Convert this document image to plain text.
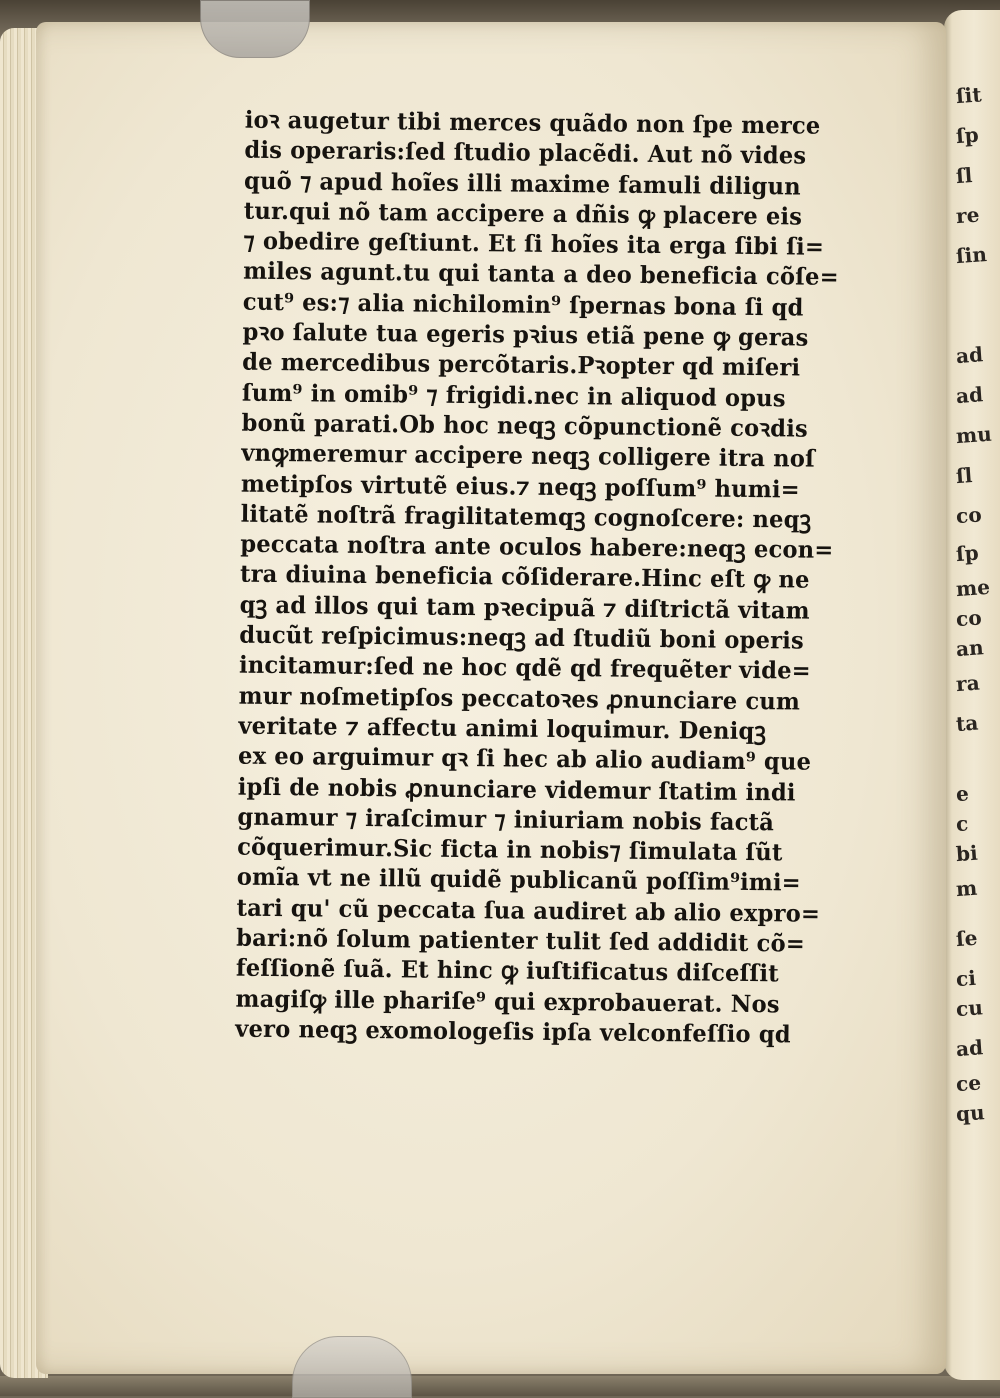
ſit
ſp
ſl
re
ſin
ad
ad
mu
ſl
co
ſp
me
co
an
ra
ta
e
c
bi
m
ſe
ci
cu
ad
ce
qu
ioꝛ augetur tibi merces quãdo non ſpe merce
dis operaris:ſed ſtudio placẽdi. Aut nõ vides
quõ ⁊ apud hoĩes illi maxime famuli diligun
tur.qui nõ tam accipere a dñis ꝙ placere eis
⁊ obedire geſtiunt. Et ſi hoĩes ita erga ſibi ſi=
miles agunt.tu qui tanta a deo beneficia cõſe=
cut⁹ es:⁊ alia nichilomin⁹ ſpernas bona ſi qd
pꝛo ſalute tua egeris pꝛius etiã pene ꝙ geras
de mercedibus percõtaris.Pꝛopter qd miſeri
ſum⁹ in omib⁹ ⁊ frigidi.nec in aliquod opus
bonũ parati.Ob hoc neqꝫ cõpunctionẽ coꝛdis
vnꝙmeremur accipere neqꝫ colligere itra noſ
metipſos virtutẽ eius.⁊ neqꝫ poſſum⁹ humi=
litatẽ noſtrã fragilitatemqꝫ cognoſcere: neqꝫ
peccata noſtra ante oculos habere:neqꝫ econ=
tra diuina beneficia cõſiderare.Hinc eſt ꝙ ne
qꝫ ad illos qui tam pꝛecipuã ⁊ diſtrictã vitam
ducũt reſpicimus:neqꝫ ad ſtudiũ boni operis
incitamur:ſed ne hoc qdẽ qd frequẽter vide=
mur noſmetipſos peccatoꝛes ꝓnunciare cum
veritate ⁊ affectu animi loquimur. Deniqꝫ
ex eo arguimur qꝛ ſi hec ab alio audiam⁹ que
ipſi de nobis ꝓnunciare videmur ſtatim indi
gnamur ⁊ iraſcimur ⁊ iniuriam nobis factã
cõquerimur.Sic ficta in nobis⁊ ſimulata ſũt
omĩa vt ne illũ quidẽ publicanũ poſſim⁹imi=
tari qu' cũ peccata ſua audiret ab alio expro=
bari:nõ ſolum patienter tulit ſed addidit cõ=
feſſionẽ ſuã. Et hinc ꝙ iuſtificatus diſceſſit
magiſꝙ ille phariſe⁹ qui exprobauerat. Nos
vero neqꝫ exomologeſis ipſa velconfeſſio qd
